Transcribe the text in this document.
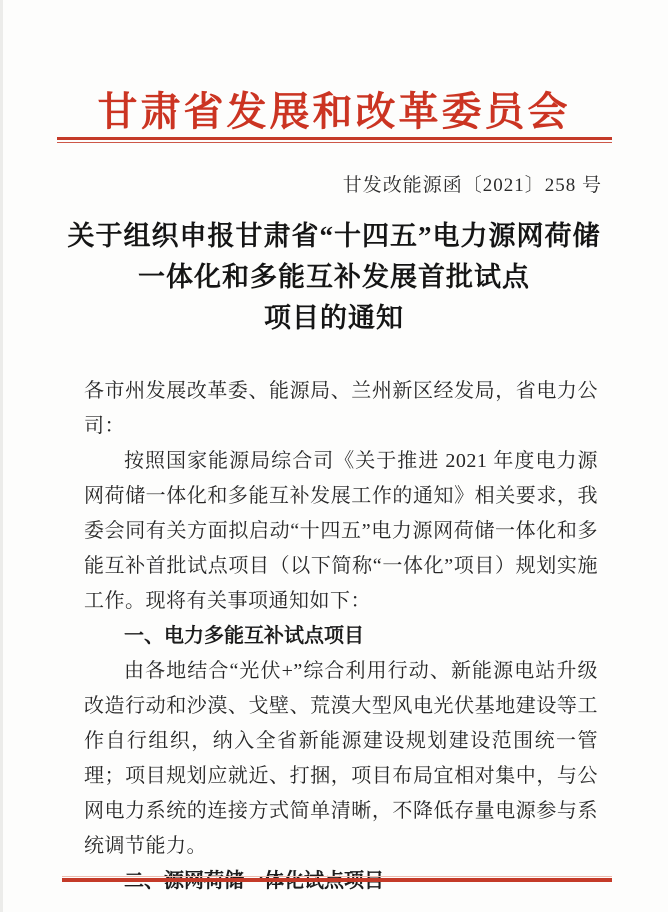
甘肃省发展和改革委员会
甘发改能源函〔2021〕258 号
关于组织申报甘肃省“十四五”电力源网荷储
一体化和多能互补发展首批试点
项目的通知

各市州发展改革委、能源局、兰州新区经发局，省电力公司：

按照国家能源局综合司《关于推进 2021 年度电力源网荷储一体化和多能互补发展工作的通知》相关要求，我委会同有关方面拟启动“十四五”电力源网荷储一体化和多能互补首批试点项目（以下简称“一体化”项目）规划实施工作。现将有关事项通知如下：

一、电力多能互补试点项目

由各地结合“光伏+”综合利用行动、新能源电站升级改造行动和沙漠、戈壁、荒漠大型风电光伏基地建设等工作自行组织，纳入全省新能源建设规划建设范围统一管理；项目规划应就近、打捆，项目布局宜相对集中，与公网电力系统的连接方式简单清晰，不降低存量电源参与系统调节能力。
